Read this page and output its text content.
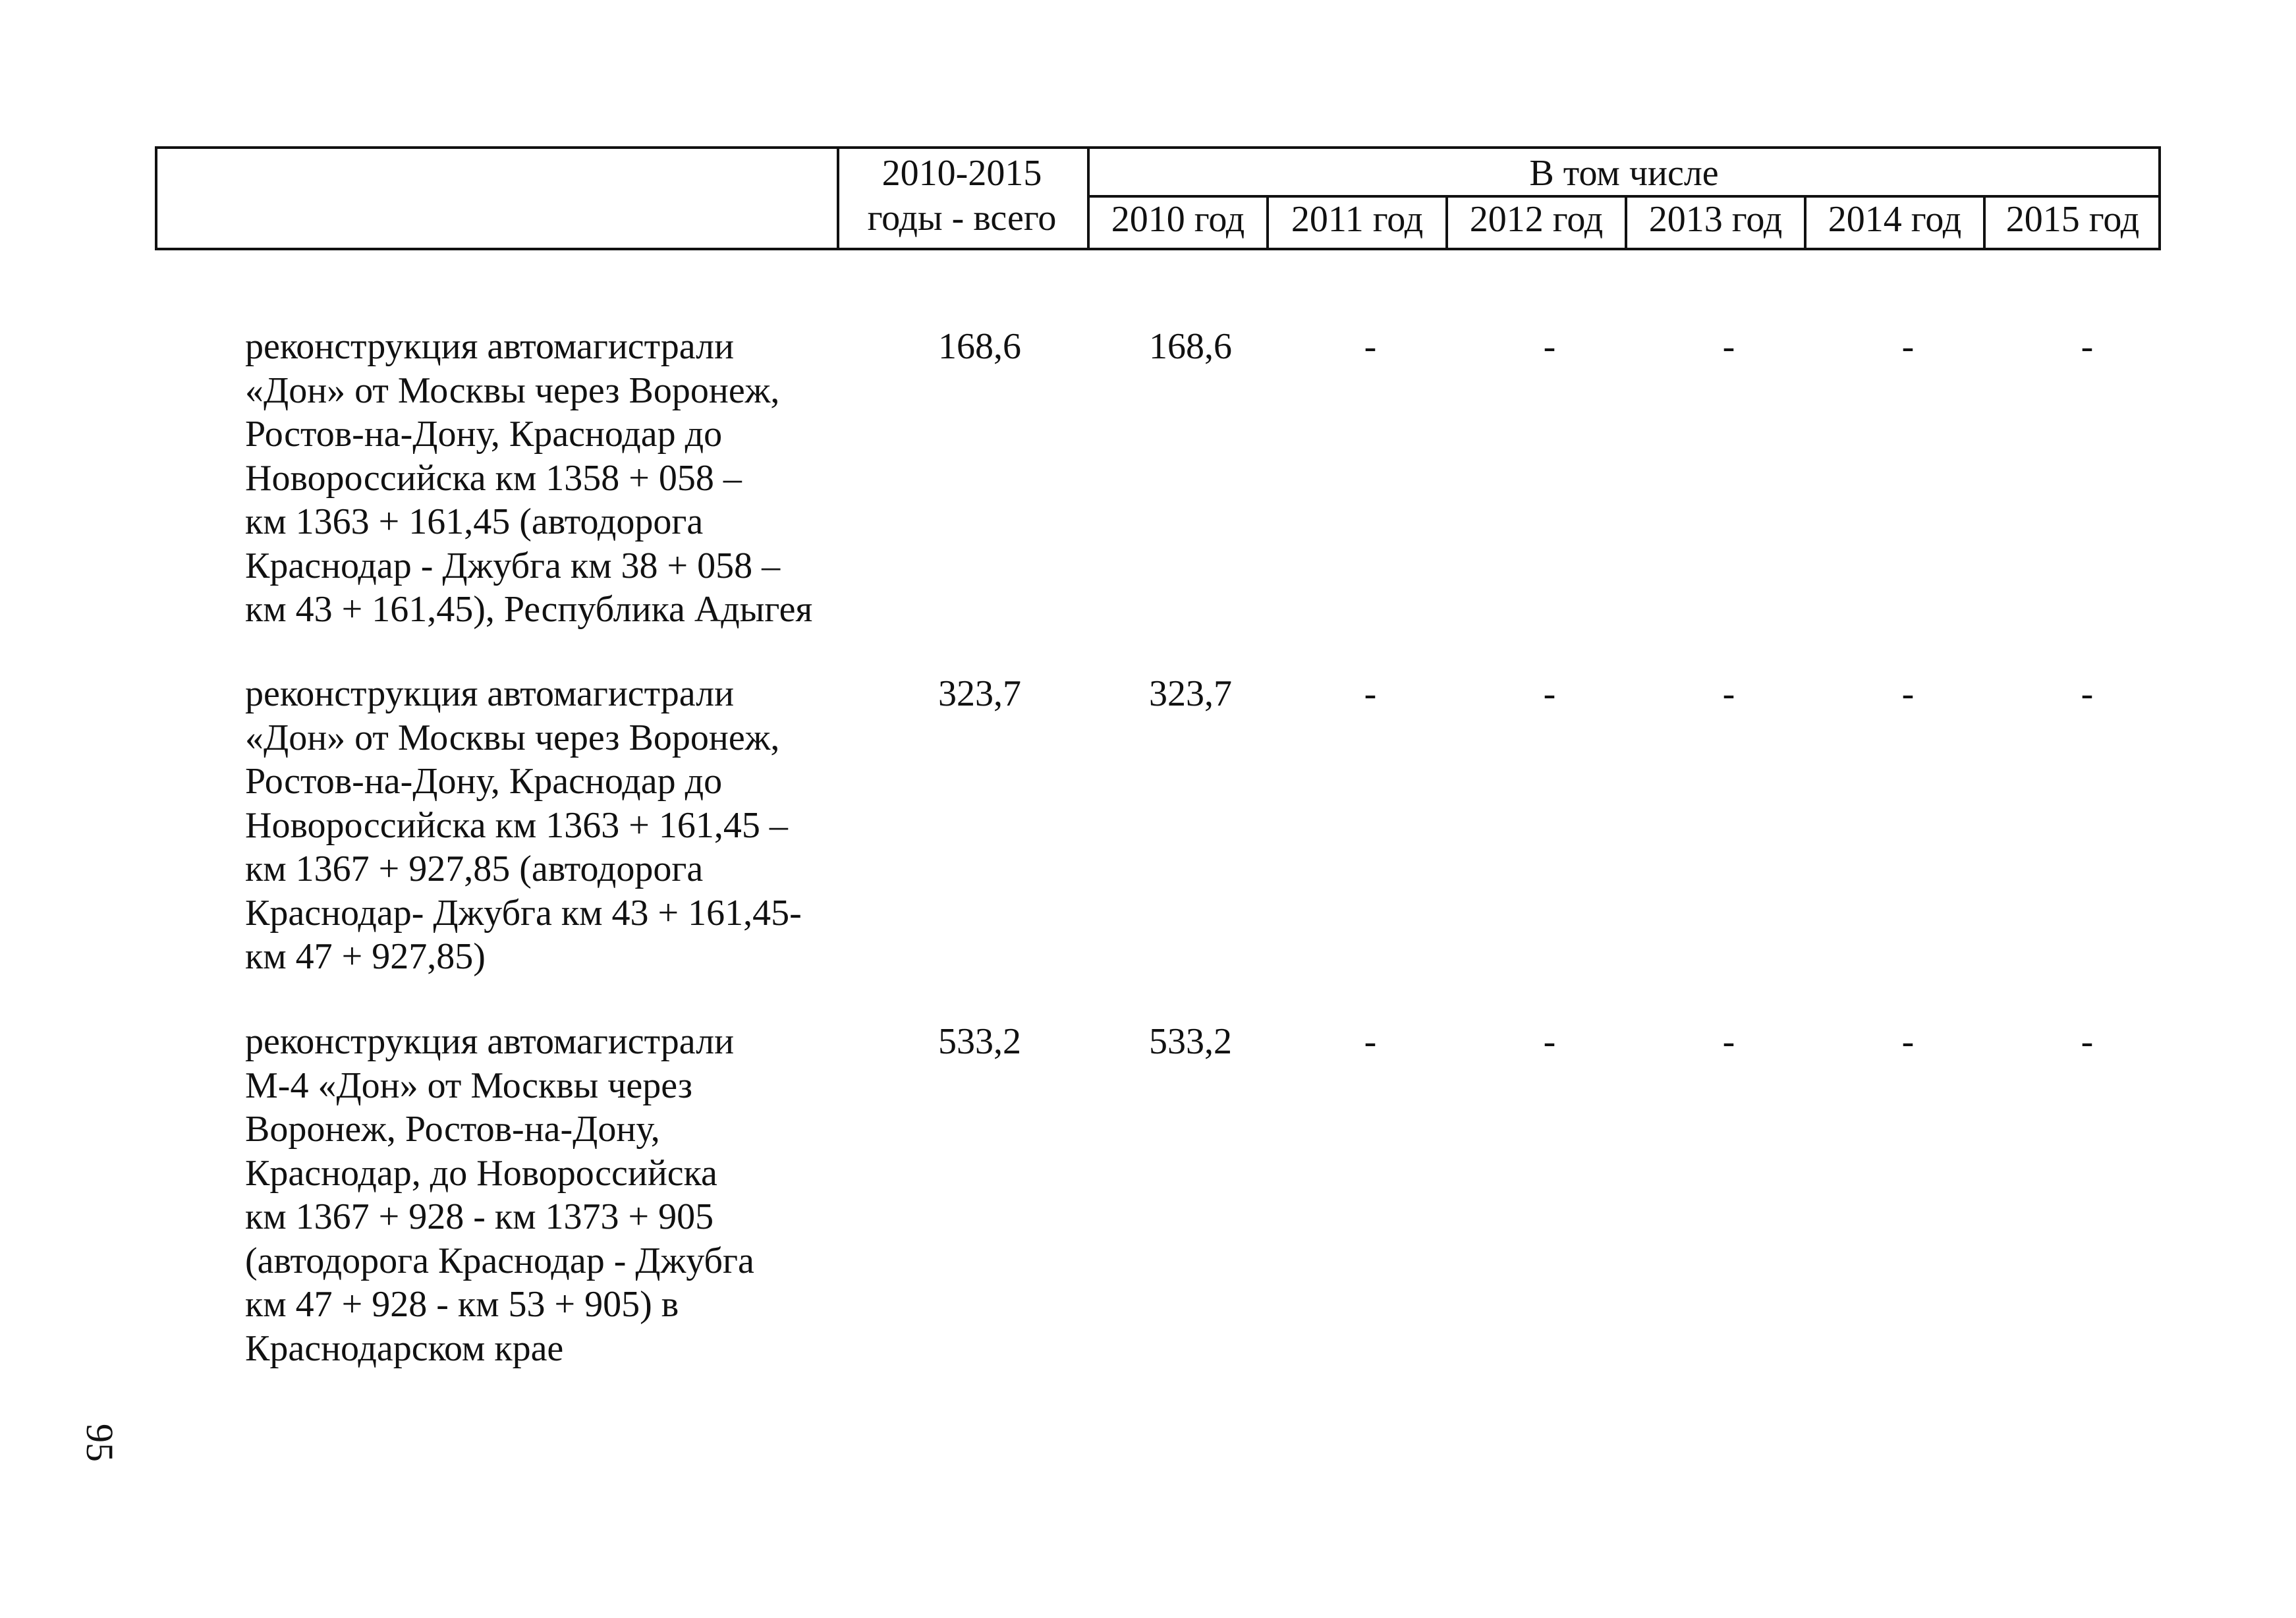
2010-2015
годы - всего
В том числе
2010 год	2011 год	2012 год	2013 год	2014 год	2015 год
реконструкция автомагистрали
«Дон» от Москвы через Воронеж,
Ростов-на-Дону, Краснодар до
Новороссийска км 1358 + 058 –
км 1363 + 161,45 (автодорога
Краснодар - Джубга км 38 + 058 –
км 43 + 161,45), Республика Адыгея
168,6	168,6	-	-	-	-	-
реконструкция автомагистрали
«Дон» от Москвы через Воронеж,
Ростов-на-Дону, Краснодар до
Новороссийска км 1363 + 161,45 –
км 1367 + 927,85 (автодорога
Краснодар- Джубга км 43 + 161,45-
км 47 + 927,85)
323,7	323,7	-	-	-	-	-
реконструкция автомагистрали
М-4 «Дон» от Москвы через
Воронеж, Ростов-на-Дону,
Краснодар, до Новороссийска
км 1367 + 928 - км 1373 + 905
(автодорога Краснодар - Джубга
км 47 + 928 - км 53 + 905) в
Краснодарском крае
533,2	533,2	-	-	-	-	-
95
